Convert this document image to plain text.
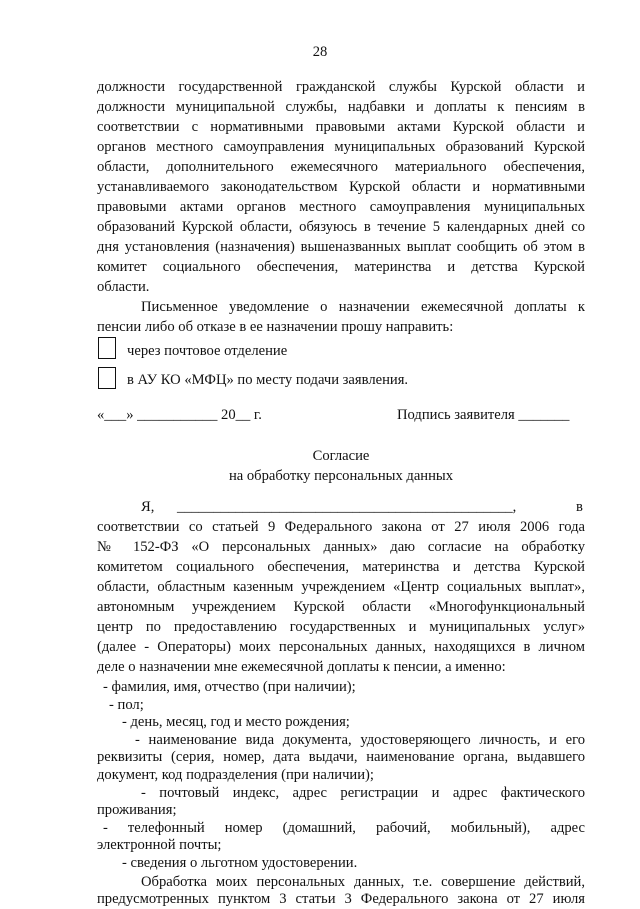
28
должности государственной гражданской службы Курской области и
должности муниципальной службы, надбавки и доплаты к пенсиям в
соответствии с нормативными правовыми актами Курской области и
органов местного самоуправления муниципальных образований Курской
области, дополнительного ежемесячного материального обеспечения,
устанавливаемого законодательством Курской области и нормативными
правовыми актами органов местного самоуправления муниципальных
образований Курской области, обязуюсь в течение 5 календарных дней со
дня установления (назначения) вышеназванных выплат сообщить об этом в
комитет социального обеспечения, материнства и детства Курской
области.
Письменное уведомление о назначении ежемесячной доплаты к
пенсии либо об отказе в ее назначении прошу направить:
через почтовое отделение
в АУ КО «МФЦ» по месту подачи заявления.
«___» ___________ 20__ г.	Подпись заявителя _______
Согласие
на обработку персональных данных
Я, ______________________________________________,	в
соответствии со статьей 9 Федерального закона от 27 июля 2006 года
№ 152-ФЗ «О персональных данных» даю согласие на обработку
комитетом социального обеспечения, материнства и детства Курской
области, областным казенным учреждением «Центр социальных выплат»,
автономным учреждением Курской области «Многофункциональный
центр по предоставлению государственных и муниципальных услуг»
(далее - Операторы) моих персональных данных, находящихся в личном
деле о назначении мне ежемесячной доплаты к пенсии, а именно:
- фамилия, имя, отчество (при наличии);
- пол;
- день, месяц, год и место рождения;
- наименование вида документа, удостоверяющего личность, и его
реквизиты (серия, номер, дата выдачи, наименование органа, выдавшего
документ, код подразделения (при наличии);
- почтовый индекс, адрес регистрации и адрес фактического
проживания;
- телефонный номер (домашний, рабочий, мобильный), адрес
электронной почты;
- сведения о льготном удостоверении.
Обработка моих персональных данных, т.е. совершение действий,
предусмотренных пунктом 3 статьи 3 Федерального закона от 27 июля
